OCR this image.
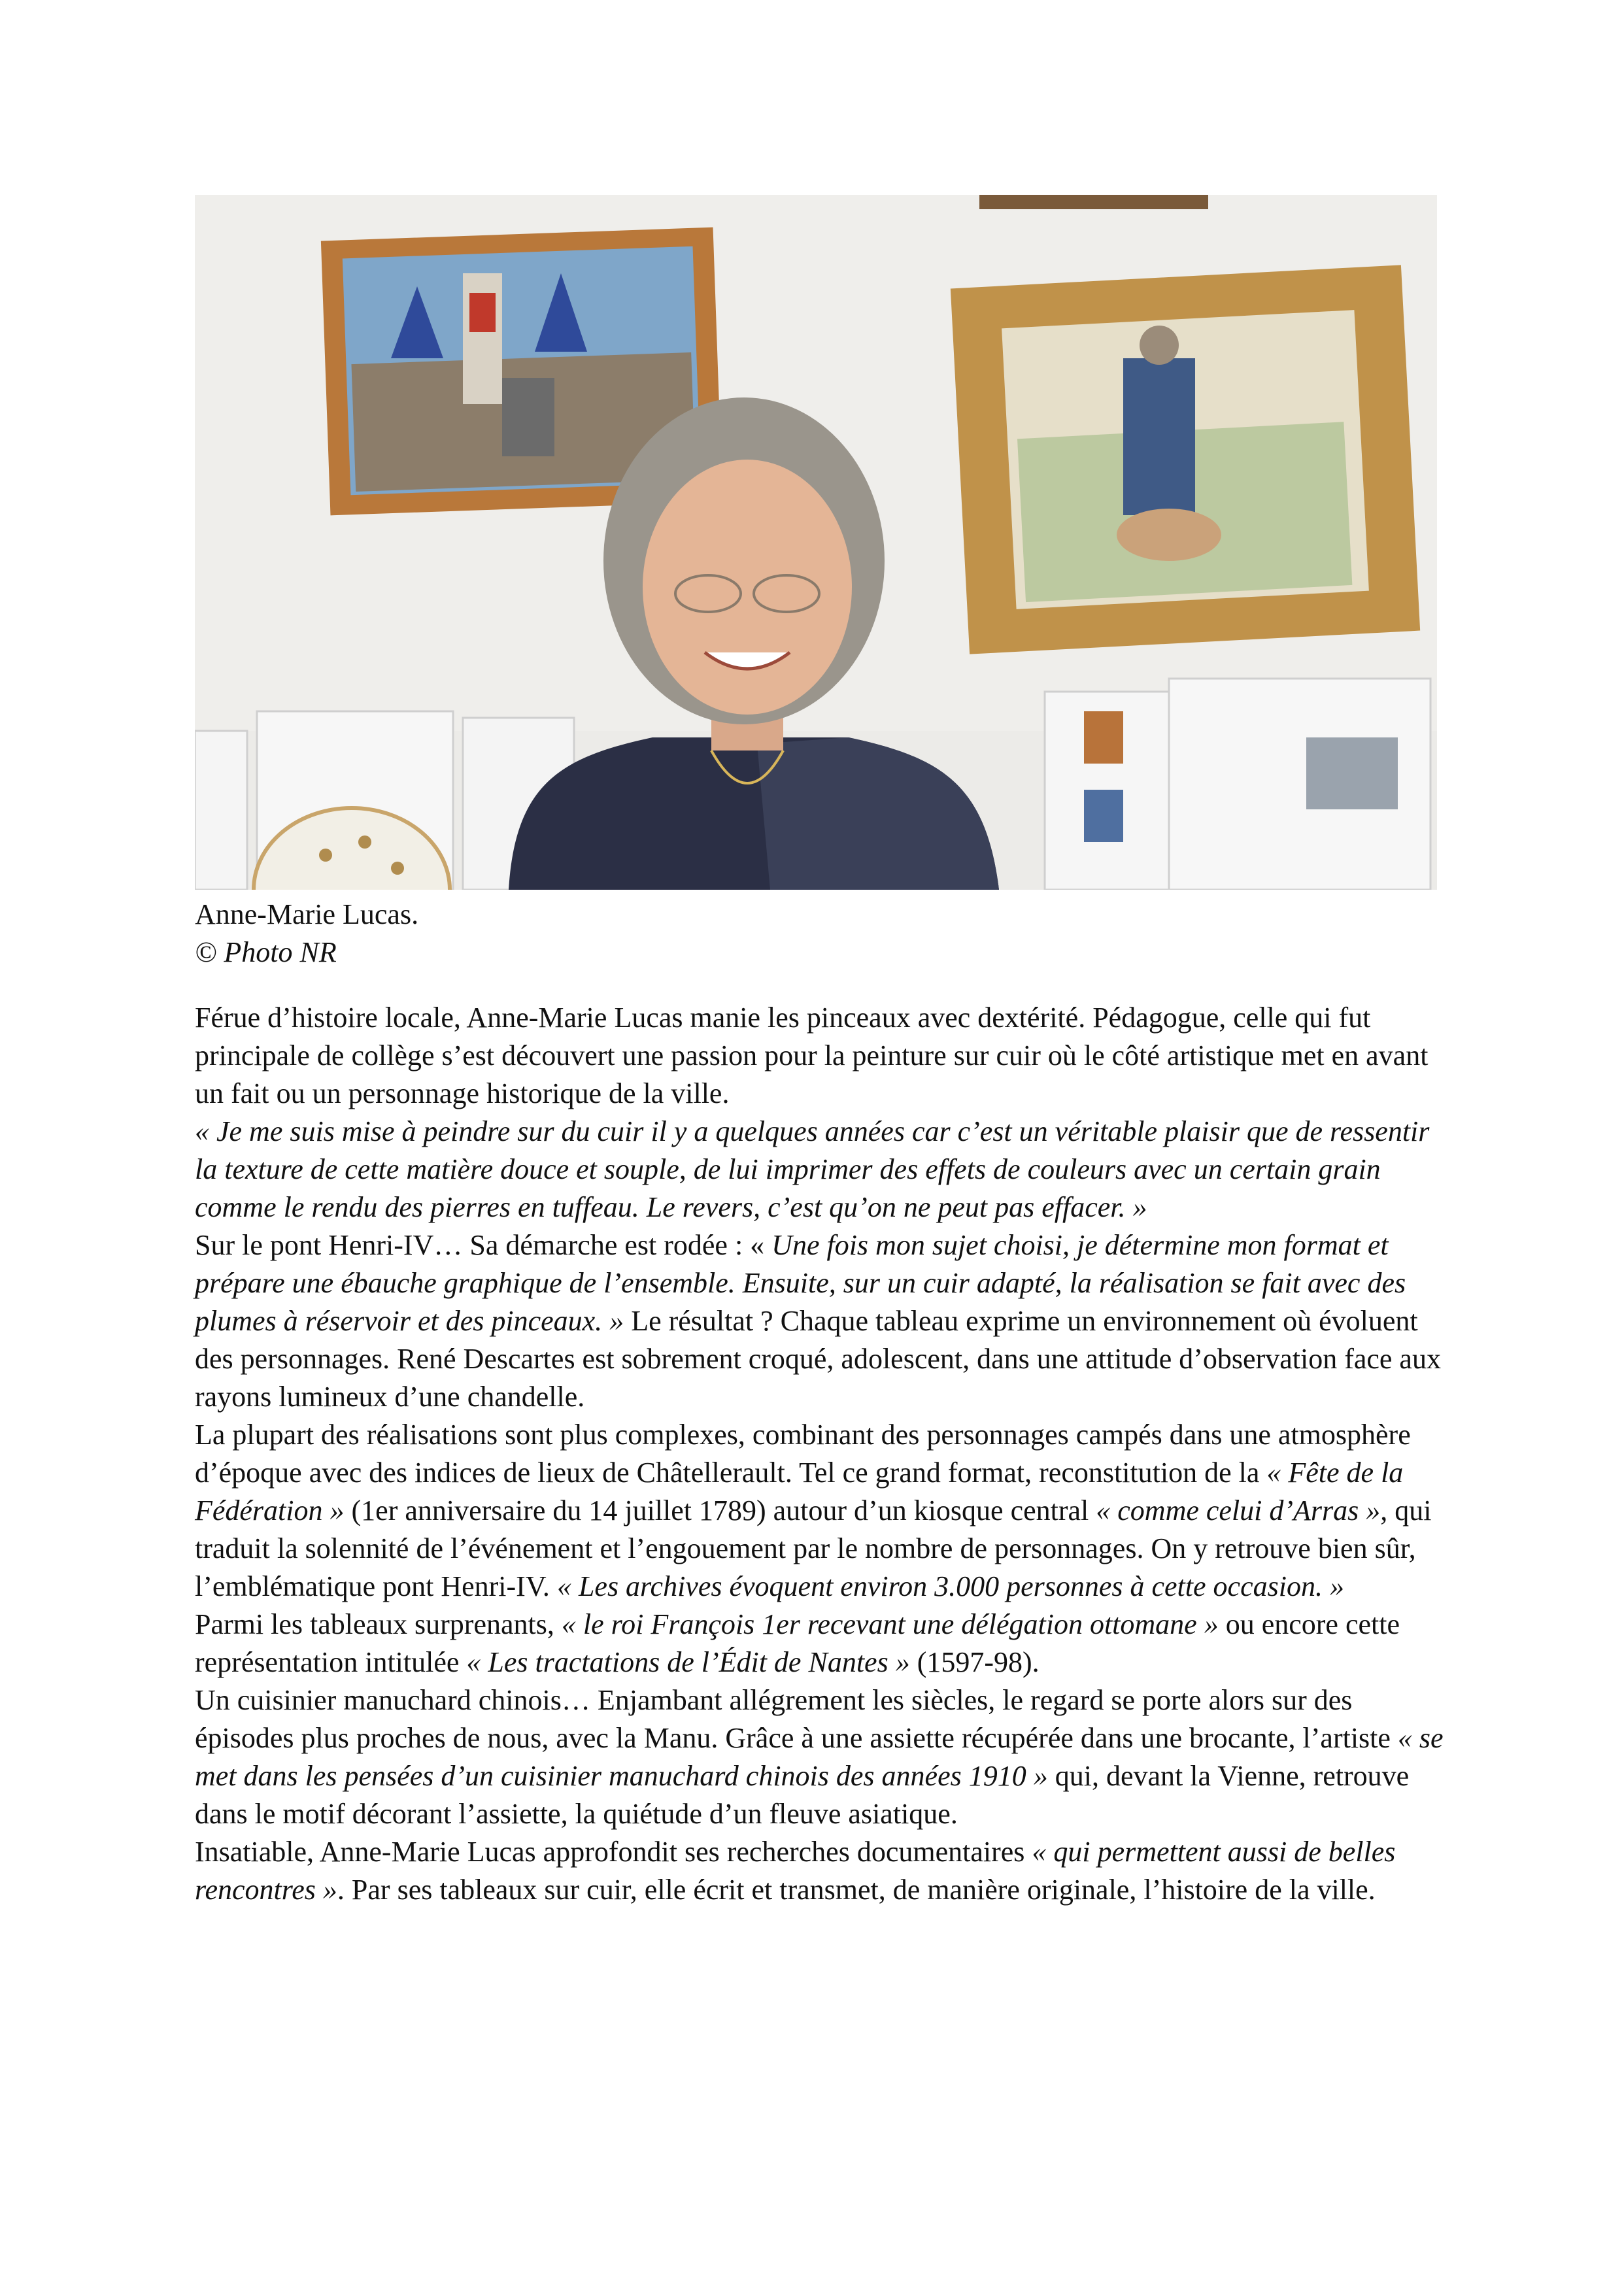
Anne-Marie Lucas.
© Photo NR

Férue d’histoire locale, Anne-Marie Lucas manie les pinceaux avec dextérité. Pédagogue, celle qui fut principale de collège s’est découvert une passion pour la peinture sur cuir où le côté artistique met en avant un fait ou un personnage historique de la ville.

« Je me suis mise à peindre sur du cuir il y a quelques années car c’est un véritable plaisir que de ressentir la texture de cette matière douce et souple, de lui imprimer des effets de couleurs avec un certain grain comme le rendu des pierres en tuffeau. Le revers, c’est qu’on ne peut pas effacer. »

Sur le pont Henri-IV… Sa démarche est rodée : « Une fois mon sujet choisi, je détermine mon format et prépare une ébauche graphique de l’ensemble. Ensuite, sur un cuir adapté, la réalisation se fait avec des plumes à réservoir et des pinceaux. » Le résultat ? Chaque tableau exprime un environnement où évoluent des personnages. René Descartes est sobrement croqué, adolescent, dans une attitude d’observation face aux rayons lumineux d’une chandelle.

La plupart des réalisations sont plus complexes, combinant des personnages campés dans une atmosphère d’époque avec des indices de lieux de Châtellerault. Tel ce grand format, reconstitution de la « Fête de la Fédération » (1er anniversaire du 14 juillet 1789) autour d’un kiosque central « comme celui d’Arras », qui traduit la solennité de l’événement et l’engouement par le nombre de personnages. On y retrouve bien sûr, l’emblématique pont Henri-IV. « Les archives évoquent environ 3.000 personnes à cette occasion. »

Parmi les tableaux surprenants, « le roi François 1er recevant une délégation ottomane » ou encore cette représentation intitulée « Les tractations de l’Édit de Nantes » (1597-98).

Un cuisinier manuchard chinois… Enjambant allégrement les siècles, le regard se porte alors sur des épisodes plus proches de nous, avec la Manu. Grâce à une assiette récupérée dans une brocante, l’artiste « se met dans les pensées d’un cuisinier manuchard chinois des années 1910 » qui, devant la Vienne, retrouve dans le motif décorant l’assiette, la quiétude d’un fleuve asiatique.

Insatiable, Anne-Marie Lucas approfondit ses recherches documentaires « qui permettent aussi de belles rencontres ». Par ses tableaux sur cuir, elle écrit et transmet, de manière originale, l’histoire de la ville.
